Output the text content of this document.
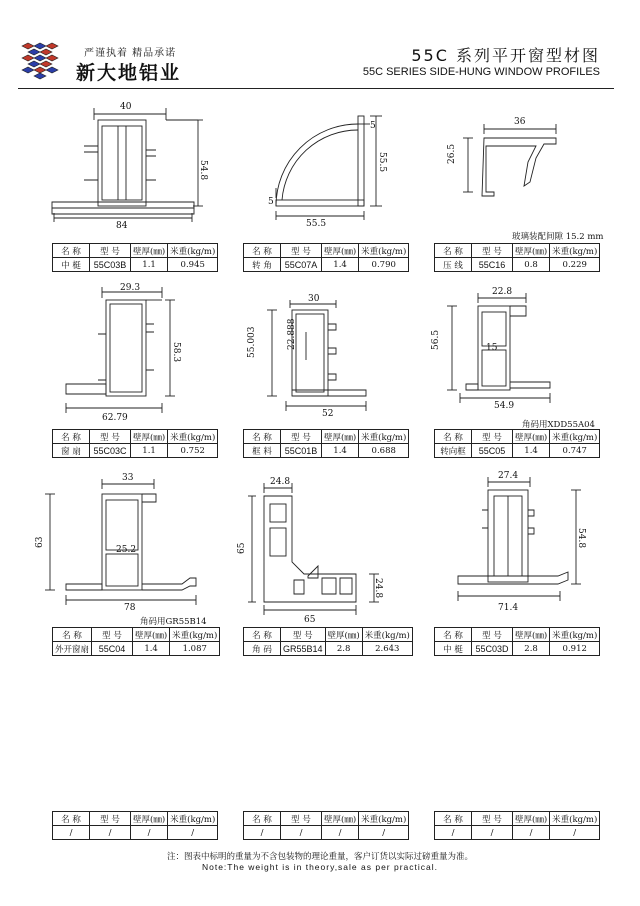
严谨执着 精品承诺
新大地铝业
55C 系列平开窗型材图
55C SERIES SIDE-HUNG WINDOW PROFILES
40
54.8
84
5
55.5
5
55.5
36
26.5
玻璃装配间隙 15.2 mm
名 称	型 号	壁厚(㎜)	米重(kg/m)
中 梃	55C03B	1.1	0.945
名 称	型 号	壁厚(㎜)	米重(kg/m)
转 角	55C07A	1.4	0.790
名 称	型 号	壁厚(㎜)	米重(kg/m)
压 线	55C16	0.8	0.229
29.3
58.3
62.79
30
55.003	22.888
52
22.8
56.5	15
54.9
角码用XDD55A04
名 称	型 号	壁厚(㎜)	米重(kg/m)
窗 扇	55C03C	1.1	0.752
名 称	型 号	壁厚(㎜)	米重(kg/m)
框 料	55C01B	1.4	0.688
名 称	型 号	壁厚(㎜)	米重(kg/m)
转向框	55C05	1.4	0.747
33
63
25.2
78
角码用GR55B14
24.8
65
24.8
65
27.4
54.8
71.4
名 称	型 号	壁厚(㎜)	米重(kg/m)
外开窗扇	55C04	1.4	1.087
名 称	型 号	壁厚(㎜)	米重(kg/m)
角 码	GR55B14	2.8	2.643
名 称	型 号	壁厚(㎜)	米重(kg/m)
中 梃	55C03D	2.8	0.912
名 称	型 号	壁厚(㎜)	米重(kg/m)
/	/	/	/
名 称	型 号	壁厚(㎜)	米重(kg/m)
/	/	/	/
名 称	型 号	壁厚(㎜)	米重(kg/m)
/	/	/	/
注：图表中标明的重量为不含包装物的理论重量，客户订货以实际过磅重量为准。
Note:The weight is in theory,sale as per practical.
